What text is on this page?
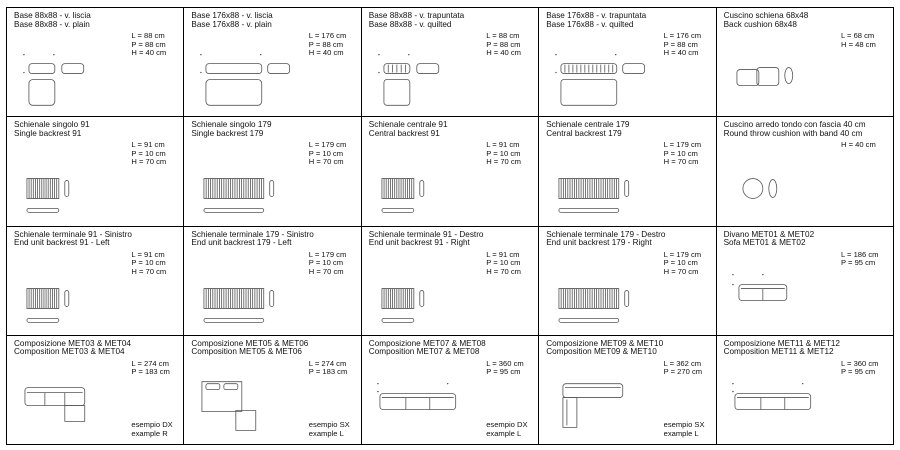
Base 88x88 - v. liscia
Base 88x88 - v. plain
L = 88 cm
P = 88 cm
H = 40 cm
Base 176x88 - v. liscia
Base 176x88 - v. plain
L = 176 cm
P = 88 cm
H = 40 cm
Base 88x88 - v. trapuntata
Base 88x88 - v. quilted
L = 88 cm
P = 88 cm
H = 40 cm
Base 176x88 - v. trapuntata
Base 176x88 - v. quilted
L = 176 cm
P = 88 cm
H = 40 cm
Cuscino schiena 68x48
Back cushion 68x48
L = 68 cm
H = 48 cm
Schienale singolo 91
Single backrest 91
L = 91 cm
P = 10 cm
H = 70 cm
Schienale singolo 179
Single backrest 179
L = 179 cm
P = 10 cm
H = 70 cm
Schienale centrale 91
Central backrest 91
L = 91 cm
P = 10 cm
H = 70 cm
Schienale centrale 179
Central backrest 179
L = 179 cm
P = 10 cm
H = 70 cm
Cuscino arredo tondo con fascia 40 cm
Round throw cushion with band 40 cm
H = 40 cm
Schienale terminale 91 - Sinistro
End unit backrest 91 - Left
L = 91 cm
P = 10 cm
H = 70 cm
Schienale terminale 179 - Sinistro
End unit backrest 179 - Left
L = 179 cm
P = 10 cm
H = 70 cm
Schienale terminale 91 - Destro
End unit backrest 91 - Right
L = 91 cm
P = 10 cm
H = 70 cm
Schienale terminale 179 - Destro
End unit backrest 179 - Right
L = 179 cm
P = 10 cm
H = 70 cm
Divano MET01 & MET02
Sofa MET01 & MET02
L = 186 cm
P = 95 cm
Composizione MET03 & MET04
Composition MET03 & MET04
L = 274 cm
P = 183 cm
esempio DX
example R
Composizione MET05 & MET06
Composition MET05 & MET06
L = 274 cm
P = 183 cm
esempio SX
example L
Composizione MET07 & MET08
Composition MET07 & MET08
L = 360 cm
P = 95 cm
esempio DX
example L
Composizione MET09 & MET10
Composition MET09 & MET10
L = 362 cm
P = 270 cm
esempio SX
example L
Composizione MET11 & MET12
Composition MET11 & MET12
L = 360 cm
P = 95 cm
